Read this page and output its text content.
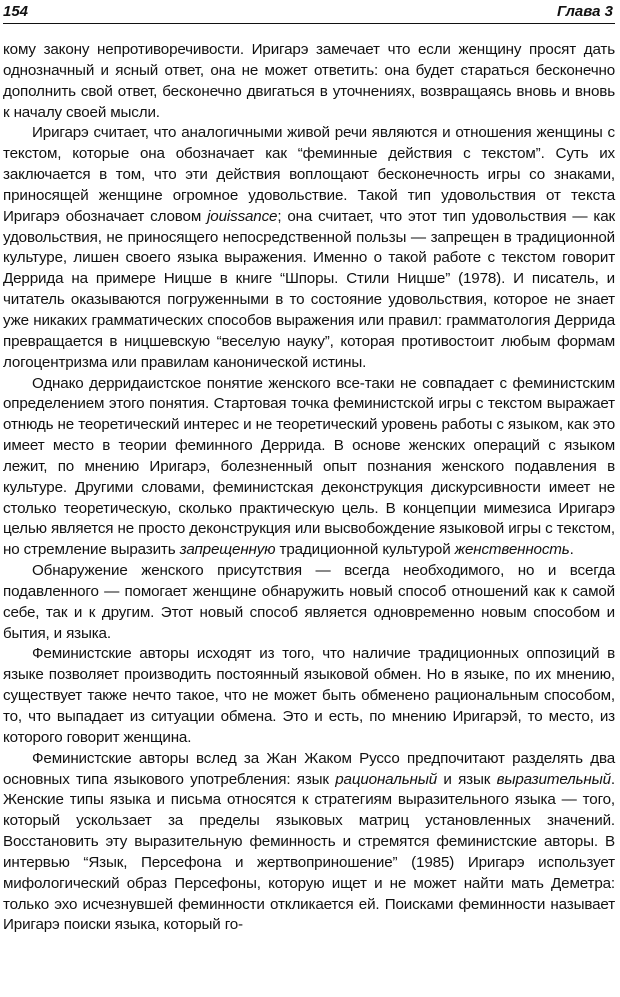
154	Глава 3

кому закону непротиворечивости. Иригарэ замечает что если женщину просят дать однозначный и ясный ответ, она не может ответить: она будет стараться бесконечно дополнить свой ответ, бесконечно двигаться в уточнениях, возвращаясь вновь и вновь к началу своей мысли.

Иригарэ считает, что аналогичными живой речи являются и отношения женщины с текстом, которые она обозначает как “феминные действия с текстом”. Суть их заключается в том, что эти действия воплощают бесконечность игры со знаками, приносящей женщине огромное удовольствие. Такой тип удовольствия от текста Иригарэ обозначает словом jouissance; она считает, что этот тип удовольствия — как удовольствия, не приносящего непосредственной пользы — запрещен в традиционной культуре, лишен своего языка выражения. Именно о такой работе с текстом говорит Деррида на примере Ницше в книге “Шпоры. Стили Ницше” (1978). И писатель, и читатель оказываются погруженными в то состояние удовольствия, которое не знает уже никаких грамматических способов выражения или правил: грамматология Деррида превращается в ницшевскую “веселую науку”, которая противостоит любым формам логоцентризма или правилам канонической истины.

Однако дерридаистское понятие женского все-таки не совпадает с феминистским определением этого понятия. Стартовая точка феминистской игры с текстом выражает отнюдь не теоретический интерес и не теоретический уровень работы с языком, как это имеет место в теории феминного Деррида. В основе женских операций с языком лежит, по мнению Иригарэ, болезненный опыт познания женского подавления в культуре. Другими словами, феминистская деконструкция дискурсивности имеет не столько теоретическую, сколько практическую цель. В концепции мимезиса Иригарэ целью является не просто деконструкция или высвобождение языковой игры с текстом, но стремление выразить запрещенную традиционной культурой женственность.

Обнаружение женского присутствия — всегда необходимого, но и всегда подавленного — помогает женщине обнаружить новый способ отношений как к самой себе, так и к другим. Этот новый способ является одновременно новым способом и бытия, и языка.

Феминистские авторы исходят из того, что наличие традиционных оппозиций в языке позволяет производить постоянный языковой обмен. Но в языке, по их мнению, существует также нечто такое, что не может быть обменено рациональным способом, то, что выпадает из ситуации обмена. Это и есть, по мнению Иригарэй, то место, из которого говорит женщина.

Феминистские авторы вслед за Жан Жаком Руссо предпочитают разделять два основных типа языкового употребления: язык рациональный и язык выразительный. Женские типы языка и письма относятся к стратегиям выразительного языка — того, который ускользает за пределы языковых матриц установленных значений. Восстановить эту выразительную феминность и стремятся феминистские авторы. В интервью “Язык, Персефона и жертвоприношение” (1985) Иригарэ использует мифологический образ Персефоны, которую ищет и не может найти мать Деметра: только эхо исчезнувшей феминности откликается ей. Поисками феминности называет Иригарэ поиски языка, который го-
